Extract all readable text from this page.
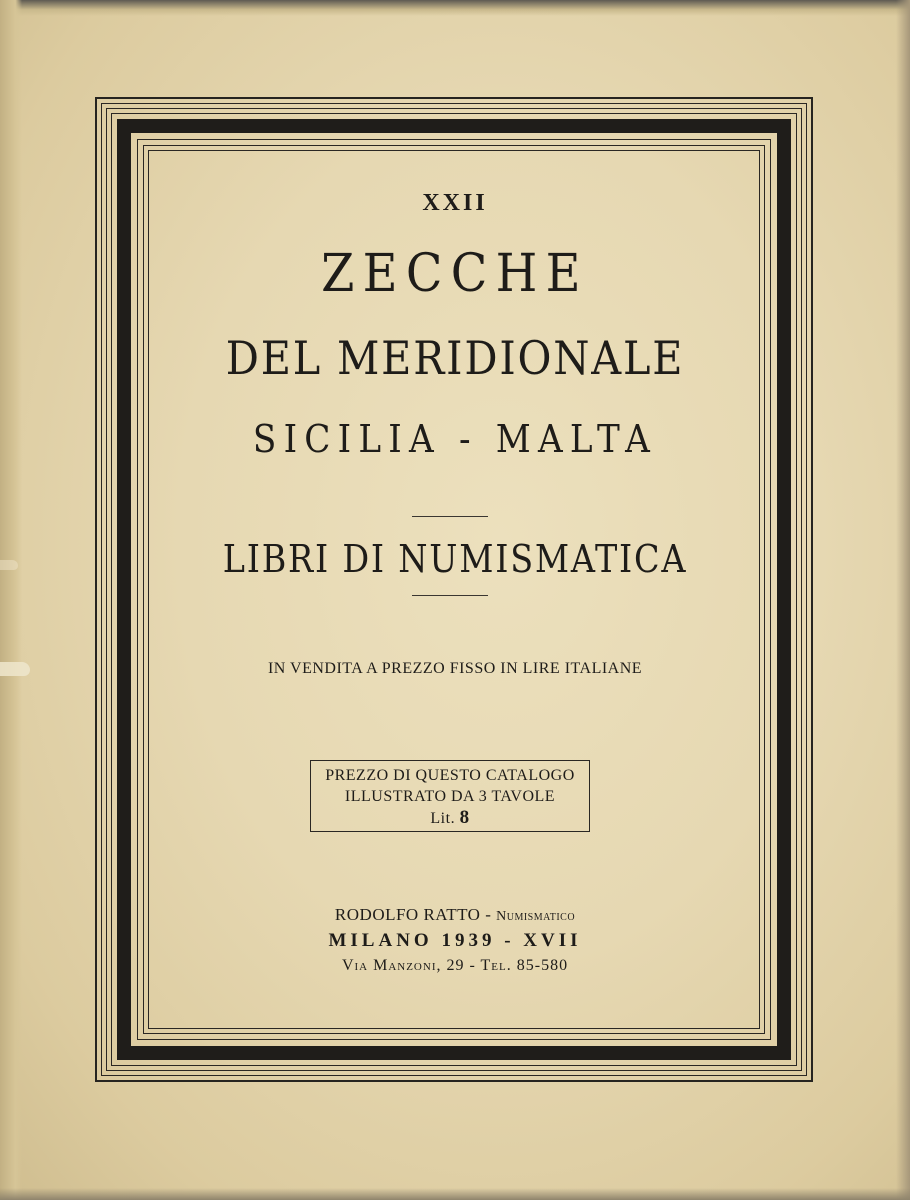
XXII
ZECCHE
DEL MERIDIONALE
SICILIA - MALTA
LIBRI DI NUMISMATICA
IN VENDITA A PREZZO FISSO IN LIRE ITALIANE
PREZZO DI QUESTO CATALOGO
ILLUSTRATO DA 3 TAVOLE
Lit. 8
RODOLFO RATTO - Numismatico
MILANO 1939 - XVII
Via Manzoni, 29 - Tel. 85-580
